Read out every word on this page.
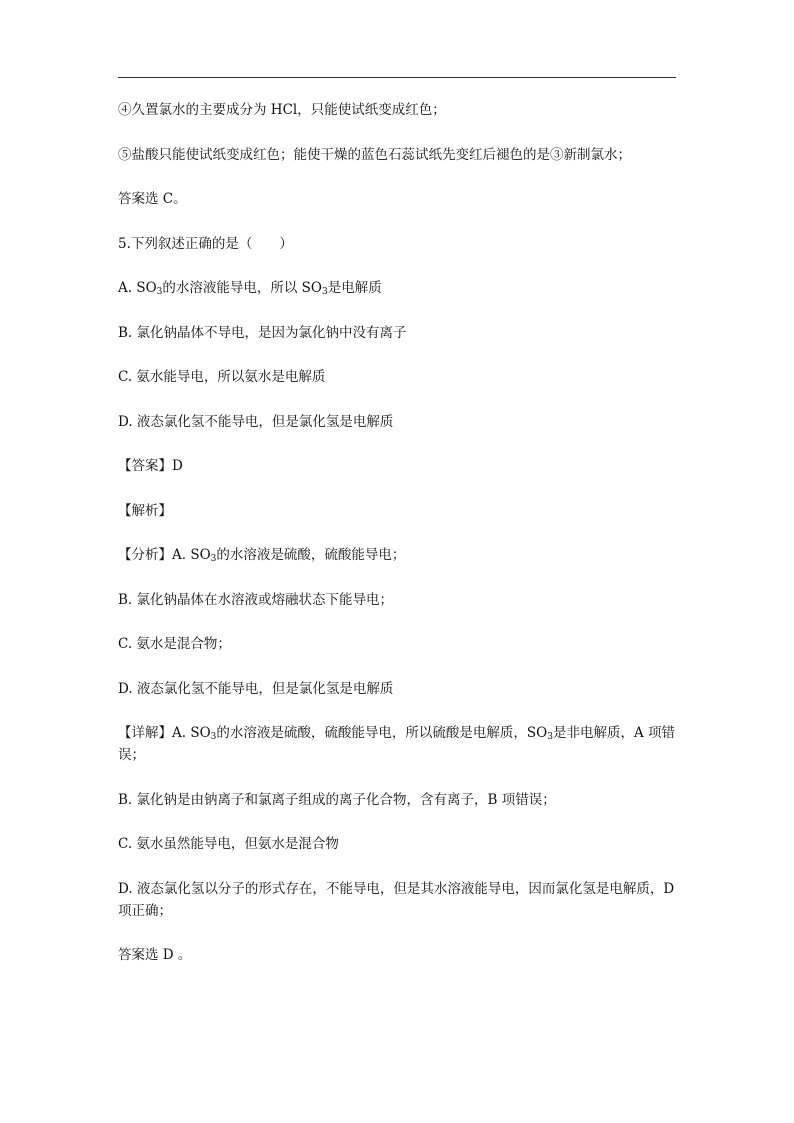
④久置氯水的主要成分为 HCl，只能使试纸变成红色；

⑤盐酸只能使试纸变成红色；能使干燥的蓝色石蕊试纸先变红后褪色的是③新制氯水；

答案选 C。

5.下列叙述正确的是（　　）

A. $SO_3$的水溶液能导电，所以 $SO_3$是电解质

B. 氯化钠晶体不导电，是因为氯化钠中没有离子

C. 氨水能导电，所以氨水是电解质

D. 液态氯化氢不能导电，但是氯化氢是电解质

【答案】D

【解析】

【分析】A. $SO_3$的水溶液是硫酸，硫酸能导电；

B. 氯化钠晶体在水溶液或熔融状态下能导电；

C. 氨水是混合物；

D. 液态氯化氢不能导电，但是氯化氢是电解质

【详解】A. $SO_3$的水溶液是硫酸，硫酸能导电，所以硫酸是电解质，$SO_3$是非电解质，A 项错误；

B. 氯化钠是由钠离子和氯离子组成的离子化合物，含有离子，B 项错误；

C. 氨水虽然能导电，但氨水是混合物

D. 液态氯化氢以分子的形式存在，不能导电，但是其水溶液能导电，因而氯化氢是电解质，D 项正确；

答案选 D 。
